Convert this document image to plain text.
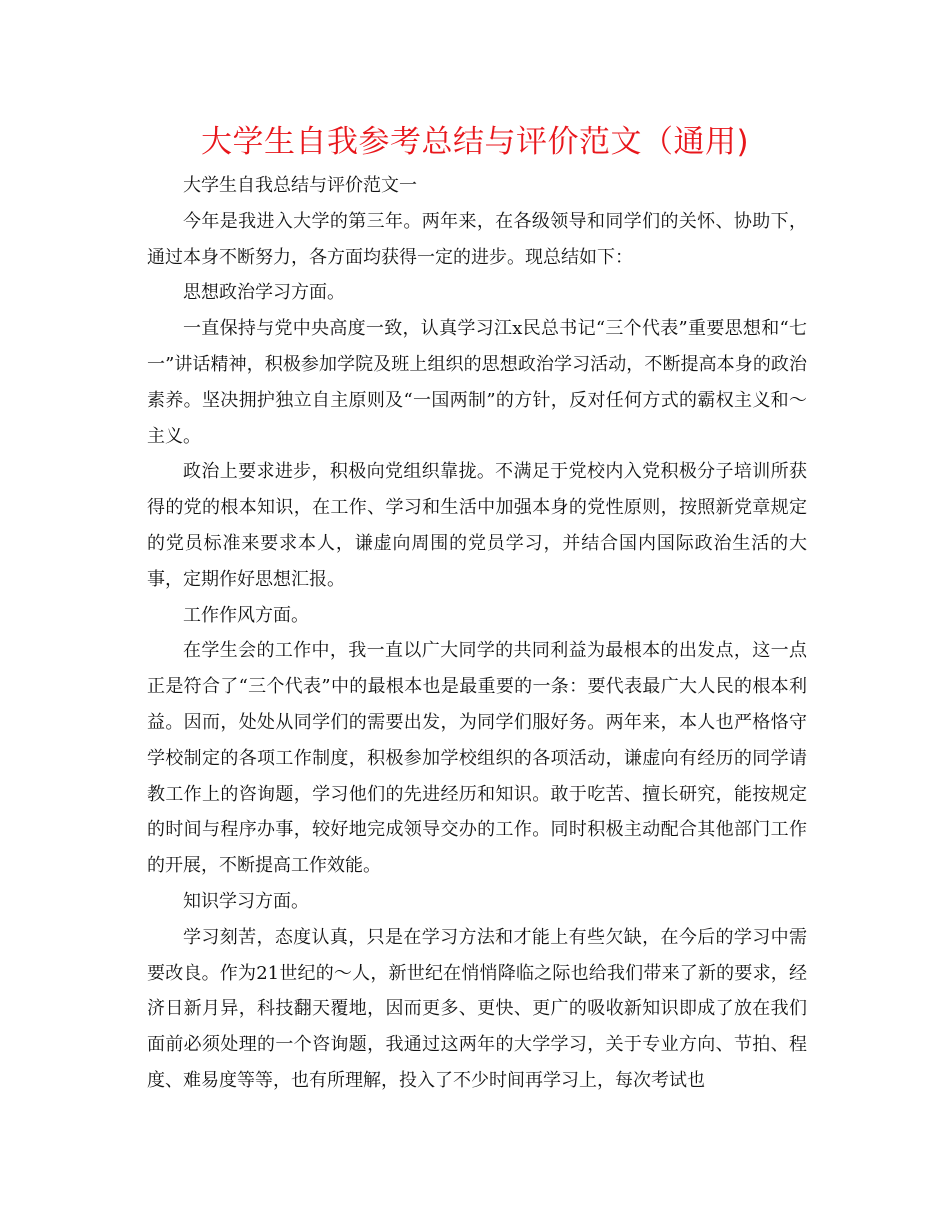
大学生自我参考总结与评价范文（通用)

大学生自我总结与评价范文一

今年是我进入大学的第三年。两年来，在各级领导和同学们的关怀、协助下，通过本身不断努力，各方面均获得一定的进步。现总结如下：

思想政治学习方面。

一直保持与党中央高度一致，认真学习江x民总书记“三个代表”重要思想和“七一”讲话精神，积极参加学院及班上组织的思想政治学习活动，不断提高本身的政治素养。坚决拥护独立自主原则及“一国两制”的方针，反对任何方式的霸权主义和～主义。

政治上要求进步，积极向党组织靠拢。不满足于党校内入党积极分子培训所获得的党的根本知识，在工作、学习和生活中加强本身的党性原则，按照新党章规定的党员标准来要求本人，谦虚向周围的党员学习，并结合国内国际政治生活的大事，定期作好思想汇报。

工作作风方面。

在学生会的工作中，我一直以广大同学的共同利益为最根本的出发点，这一点正是符合了“三个代表”中的最根本也是最重要的一条：要代表最广大人民的根本利益。因而，处处从同学们的需要出发，为同学们服好务。两年来，本人也严格恪守学校制定的各项工作制度，积极参加学校组织的各项活动，谦虚向有经历的同学请教工作上的咨询题，学习他们的先进经历和知识。敢于吃苦、擅长研究，能按规定的时间与程序办事，较好地完成领导交办的工作。同时积极主动配合其他部门工作的开展，不断提高工作效能。

知识学习方面。

学习刻苦，态度认真，只是在学习方法和才能上有些欠缺，在今后的学习中需要改良。作为21世纪的～人，新世纪在悄悄降临之际也给我们带来了新的要求，经济日新月异，科技翻天覆地，因而更多、更快、更广的吸收新知识即成了放在我们面前必须处理的一个咨询题，我通过这两年的大学学习，关于专业方向、节拍、程度、难易度等等，也有所理解，投入了不少时间再学习上，每次考试也
